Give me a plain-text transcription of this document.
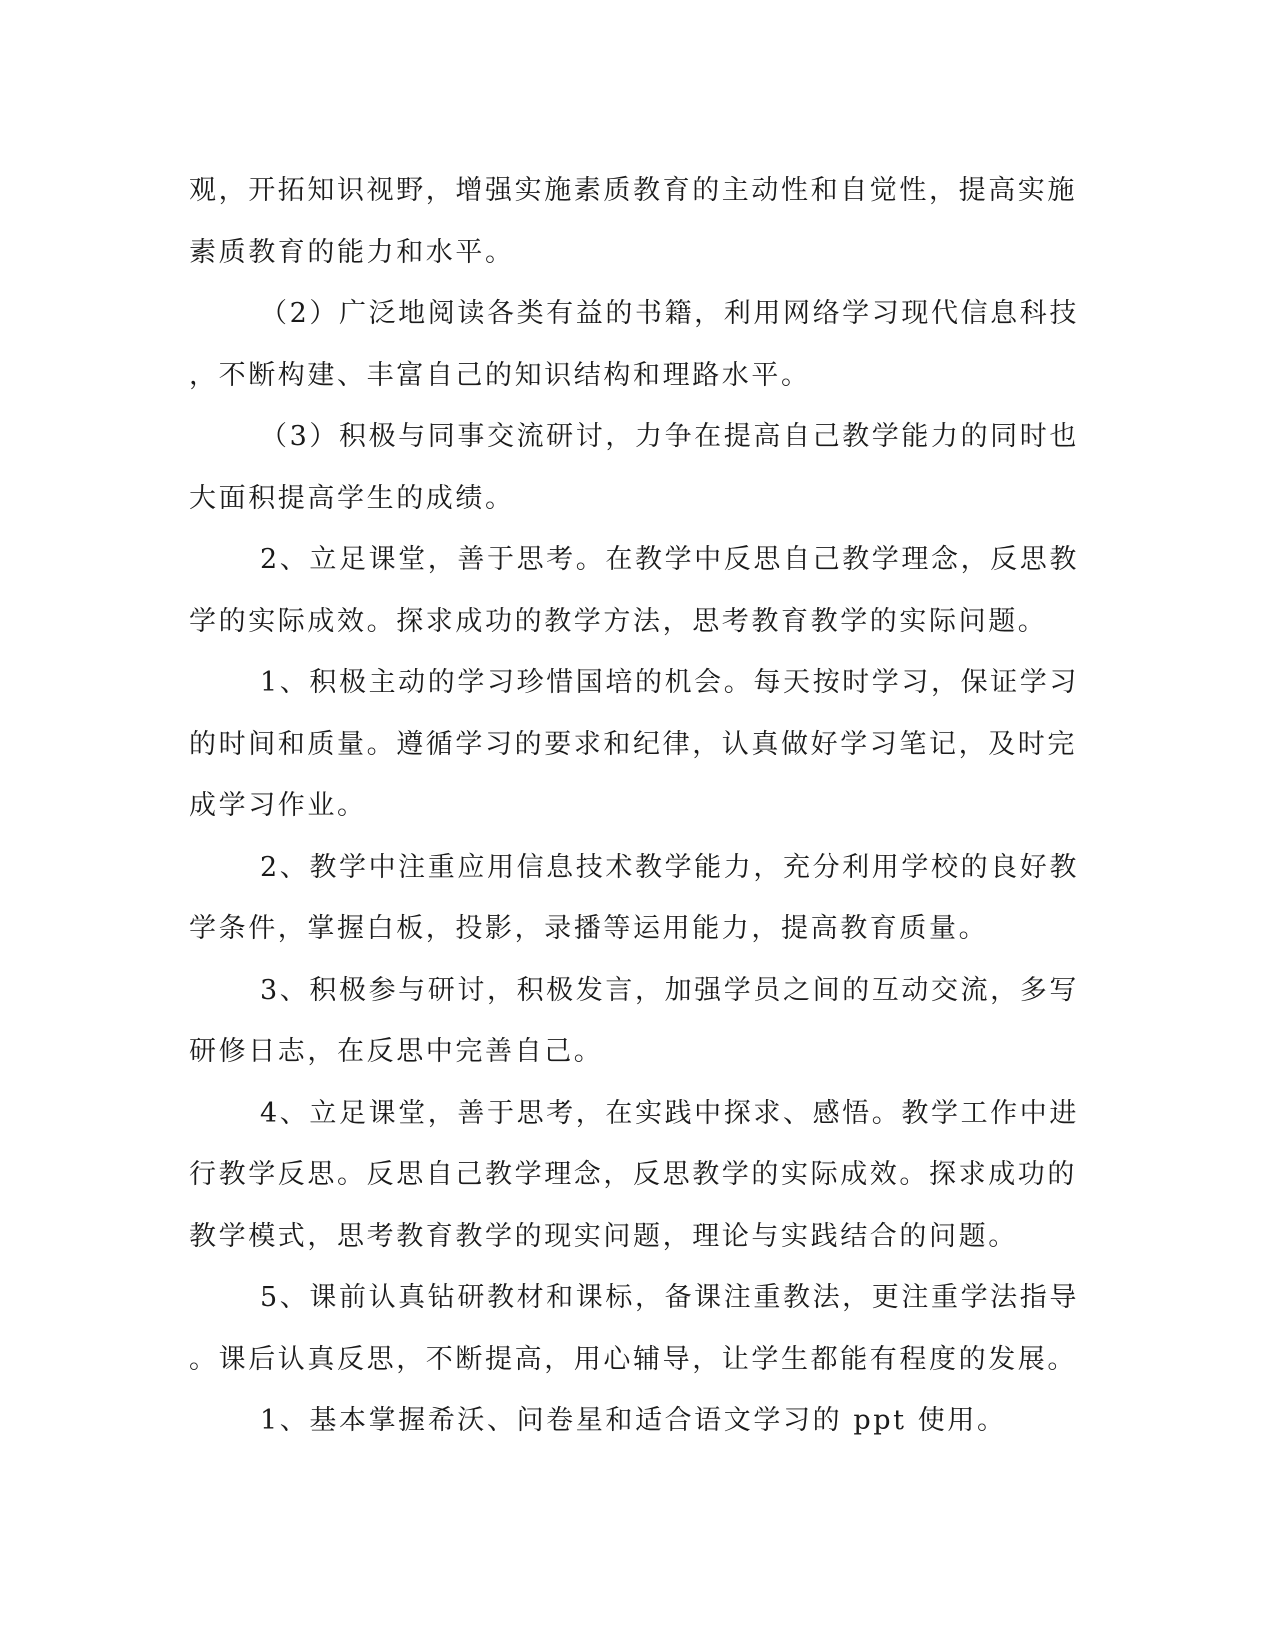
观，开拓知识视野，增强实施素质教育的主动性和自觉性，提高实施
素质教育的能力和水平。
（2）广泛地阅读各类有益的书籍，利用网络学习现代信息科技
，不断构建、丰富自己的知识结构和理路水平。
（3）积极与同事交流研讨，力争在提高自己教学能力的同时也
大面积提高学生的成绩。
2、立足课堂，善于思考。在教学中反思自己教学理念，反思教
学的实际成效。探求成功的教学方法，思考教育教学的实际问题。
1、积极主动的学习珍惜国培的机会。每天按时学习，保证学习
的时间和质量。遵循学习的要求和纪律，认真做好学习笔记，及时完
成学习作业。
2、教学中注重应用信息技术教学能力，充分利用学校的良好教
学条件，掌握白板，投影，录播等运用能力，提高教育质量。
3、积极参与研讨，积极发言，加强学员之间的互动交流，多写
研修日志，在反思中完善自己。
4、立足课堂，善于思考，在实践中探求、感悟。教学工作中进
行教学反思。反思自己教学理念，反思教学的实际成效。探求成功的
教学模式，思考教育教学的现实问题，理论与实践结合的问题。
5、课前认真钻研教材和课标，备课注重教法，更注重学法指导
。课后认真反思，不断提高，用心辅导，让学生都能有程度的发展。
1、基本掌握希沃、问卷星和适合语文学习的 ppt 使用。
